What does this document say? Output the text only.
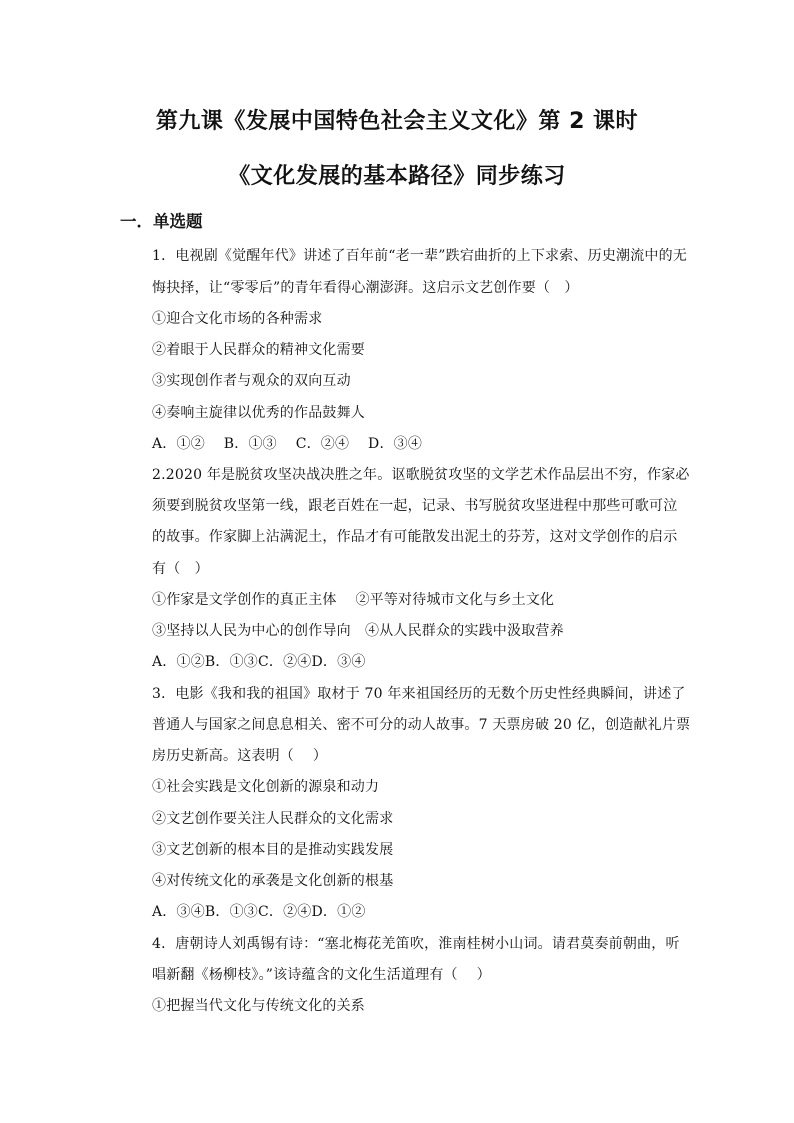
第九课《发展中国特色社会主义文化》第 2 课时
《文化发展的基本路径》同步练习
一．单选题
1．电视剧《觉醒年代》讲述了百年前“老一辈”跌宕曲折的上下求索、历史潮流中的无
悔抉择，让“零零后”的青年看得心潮澎湃。这启示文艺创作要（　）
①迎合文化市场的各种需求
②着眼于人民群众的精神文化需要
③实现创作者与观众的双向互动
④奏响主旋律以优秀的作品鼓舞人
A．①②　 B．①③　 C．②④　 D．③④
2.2020 年是脱贫攻坚决战决胜之年。讴歌脱贫攻坚的文学艺术作品层出不穷，作家必
须要到脱贫攻坚第一线，跟老百姓在一起，记录、书写脱贫攻坚进程中那些可歌可泣
的故事。作家脚上沾满泥土，作品才有可能散发出泥土的芬芳，这对文学创作的启示
有（　）
①作家是文学创作的真正主体　 ②平等对待城市文化与乡土文化
③坚持以人民为中心的创作导向　④从人民群众的实践中汲取营养
A．①②B．①③C．②④D．③④
3．电影《我和我的祖国》取材于 70 年来祖国经历的无数个历史性经典瞬间，讲述了
普通人与国家之间息息相关、密不可分的动人故事。7 天票房破 20 亿，创造献礼片票
房历史新高。这表明（　 ）
①社会实践是文化创新的源泉和动力
②文艺创作要关注人民群众的文化需求
③文艺创新的根本目的是推动实践发展
④对传统文化的承袭是文化创新的根基
A．③④B．①③C．②④D．①②
4．唐朝诗人刘禹锡有诗：“塞北梅花羌笛吹，淮南桂树小山词。请君莫奏前朝曲，听
唱新翻《杨柳枝》。”该诗蕴含的文化生活道理有（　 ）
①把握当代文化与传统文化的关系
